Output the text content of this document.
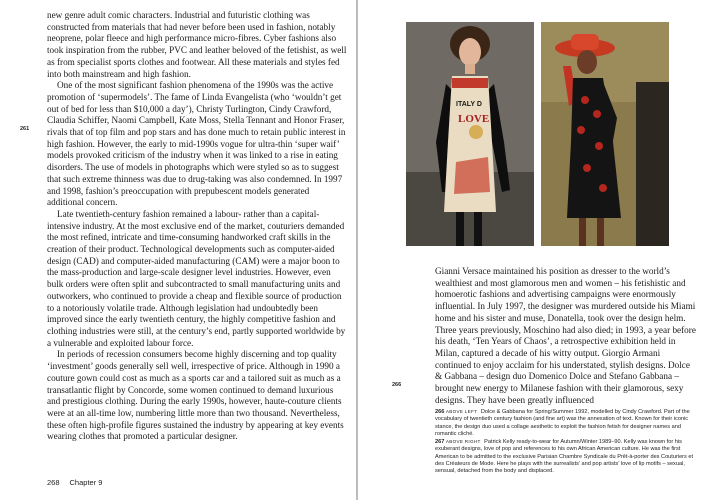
new genre adult comic characters. Industrial and futuristic clothing was constructed from materials that had never before been used in fashion, notably neoprene, polar fleece and high performance micro-fibres. Cyber fashions also took inspiration from the rubber, PVC and leather beloved of the fetishist, as well as from specialist sports clothes and footwear. All these materials and styles fed into both mainstream and high fashion.

One of the most significant fashion phenomena of the 1990s was the active promotion of ‘supermodels’. The fame of Linda Evangelista (who ‘wouldn’t get out of bed for less than $10,000 a day’), Christy Turlington, Cindy Crawford, Claudia Schiffer, Naomi Campbell, Kate Moss, Stella Tennant and Honor Fraser, rivals that of top film and pop stars and has done much to retain public interest in high fashion. However, the early to mid-1990s vogue for ultra-thin ‘super waif’ models provoked criticism of the industry when it was linked to a rise in eating disorders. The use of models in photographs which were styled so as to suggest that such extreme thinness was due to drug-taking was also condemned. In 1997 and 1998, fashion’s preoccupation with prepubescent models generated additional concern.

Late twentieth-century fashion remained a labour- rather than a capital-intensive industry. At the most exclusive end of the market, couturiers demanded the most refined, intricate and time-consuming handworked craft skills in the creation of their product. Technological developments such as computer-aided design (CAD) and computer-aided manufacturing (CAM) were a major boon to the mass-production and large-scale designer level industries. However, even bulk orders were often split and subcontracted to small manufacturing units and outworkers, who continued to provide a cheap and flexible source of production to a notoriously volatile trade. Although legislation had undoubtedly been improved since the early twentieth century, the highly competitive fashion and clothing industries were still, at the century’s end, partly supported worldwide by a vulnerable and exploited labour force.

In periods of recession consumers become highly discerning and top quality ‘investment’ goods generally sell well, irrespective of price. Although in 1990 a couture gown could cost as much as a sports car and a tailored suit as much as a transatlantic flight by Concorde, some women continued to demand luxurious and prestigious clothing. During the early 1990s, however, haute-couture clients were at an all-time low, numbering little more than two thousand. Nevertheless, these often high-profile figures sustained the industry by appearing at key events wearing clothes that promoted a particular designer.

261
268 Chapter 9
ITALY D
LOVE

Gianni Versace maintained his position as dresser to the world’s wealthiest and most glamorous men and women – his fetishistic and homoerotic fashions and advertising campaigns were enormously influential. In July 1997, the designer was murdered outside his Miami home and his sister and muse, Donatella, took over the design helm. Three years previously, Moschino had also died; in 1993, a year before his death, ‘Ten Years of Chaos’, a retrospective exhibition held in Milan, captured a decade of his witty output. Giorgio Armani continued to enjoy acclaim for his understated, stylish designs. Dolce & Gabbana – design duo Domenico Dolce and Stefano Gabbana – brought new energy to Milanese fashion with their glamorous, sexy designs. They have been greatly influenced

266

266 ABOVE LEFT Dolce & Gabbana for Spring/Summer 1992, modelled by Cindy Crawford. Part of the vocabulary of twentieth century fashion (and fine art) was the annexation of text. Known for their iconic stance, the design duo used a collage aesthetic to exploit the fashion fetish for designer names and romantic cliché.

267 ABOVE RIGHT Patrick Kelly ready-to-wear for Autumn/Winter 1989–90. Kelly was known for his exuberant designs, love of pop and references to his own African American culture. He was the first American to be admitted to the exclusive Parisian Chambre Syndicale du Prêt-à-porter des Couturiers et des Créateurs de Mode. Here he plays with the surrealists’ and pop artists’ love of lip motifs – sexual, sensual, detached from the body and displaced.
